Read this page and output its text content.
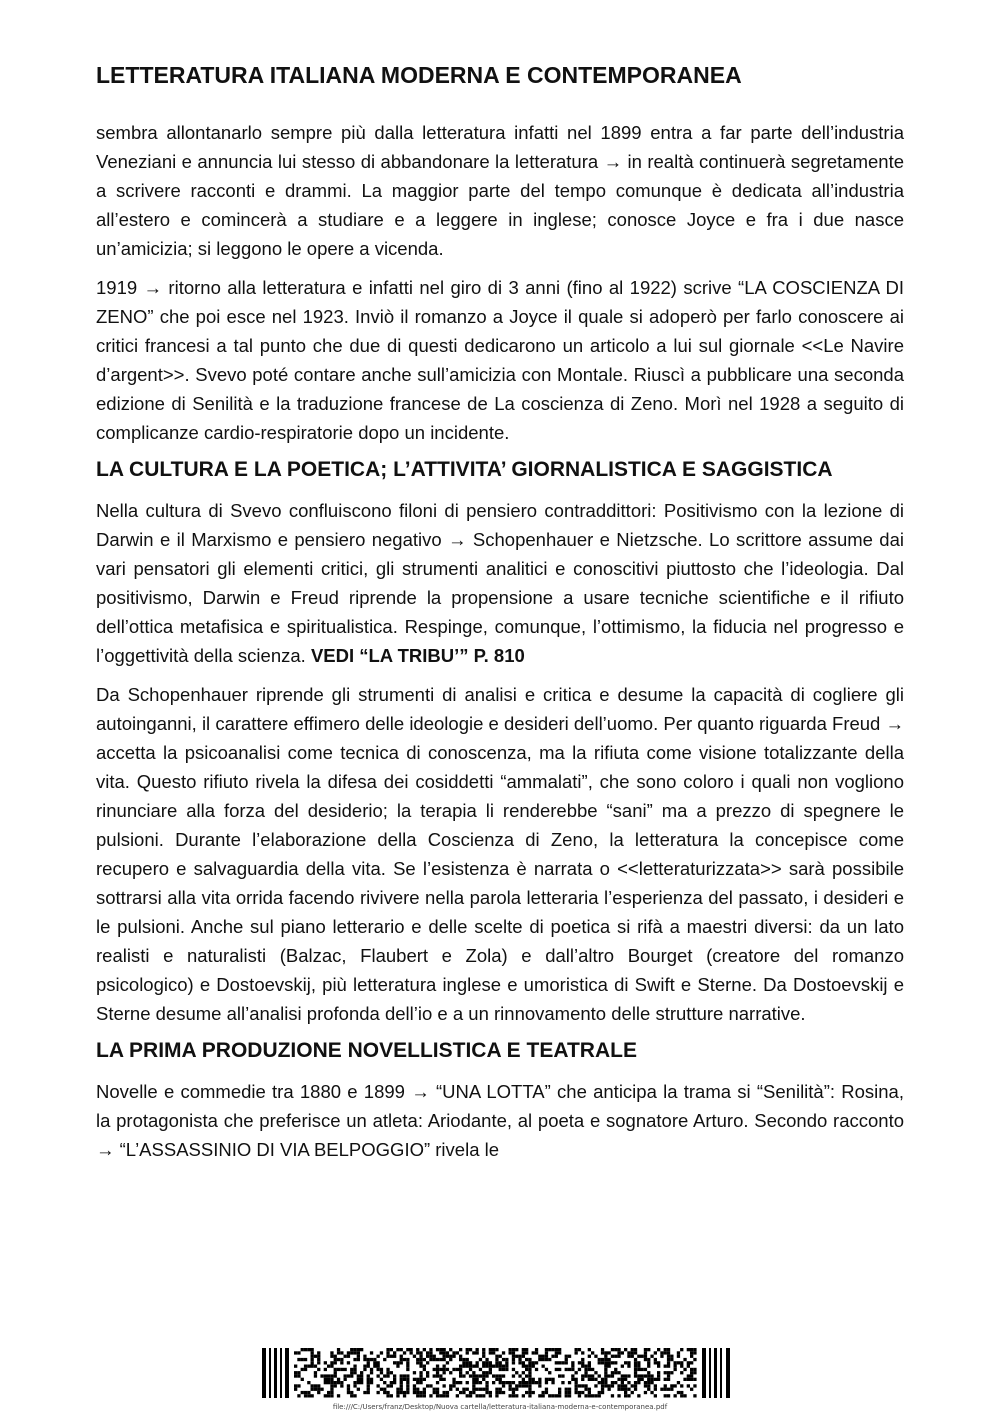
LETTERATURA ITALIANA MODERNA E CONTEMPORANEA

sembra allontanarlo sempre più dalla letteratura infatti nel 1899 entra a far parte dell’industria Veneziani e annuncia lui stesso di abbandonare la letteratura → in realtà continuerà segretamente a scrivere racconti e drammi. La maggior parte del tempo comunque è dedicata all’industria all’estero e comincerà a studiare e a leggere in inglese; conosce Joyce e fra i due nasce un’amicizia; si leggono le opere a vicenda.

1919 → ritorno alla letteratura e infatti nel giro di 3 anni (fino al 1922) scrive “LA COSCIENZA DI ZENO” che poi esce nel 1923. Inviò il romanzo a Joyce il quale si adoperò per farlo conoscere ai critici francesi a tal punto che due di questi dedicarono un articolo a lui sul giornale <<Le Navire d’argent>>. Svevo poté contare anche sull’amicizia con Montale. Riuscì a pubblicare una seconda edizione di Senilità e la traduzione francese de La coscienza di Zeno. Morì nel 1928 a seguito di complicanze cardio-respiratorie dopo un incidente.

LA CULTURA E LA POETICA; L’ATTIVITA’ GIORNALISTICA E SAGGISTICA

Nella cultura di Svevo confluiscono filoni di pensiero contraddittori: Positivismo con la lezione di Darwin e il Marxismo e pensiero negativo → Schopenhauer e Nietzsche. Lo scrittore assume dai vari pensatori gli elementi critici, gli strumenti analitici e conoscitivi piuttosto che l’ideologia. Dal positivismo, Darwin e Freud riprende la propensione a usare tecniche scientifiche e il rifiuto dell’ottica metafisica e spiritualistica. Respinge, comunque, l’ottimismo, la fiducia nel progresso e l’oggettività della scienza. VEDI “LA TRIBU’” P. 810

Da Schopenhauer riprende gli strumenti di analisi e critica e desume la capacità di cogliere gli autoinganni, il carattere effimero delle ideologie e desideri dell’uomo. Per quanto riguarda Freud → accetta la psicoanalisi come tecnica di conoscenza, ma la rifiuta come visione totalizzante della vita. Questo rifiuto rivela la difesa dei cosiddetti “ammalati”, che sono coloro i quali non vogliono rinunciare alla forza del desiderio; la terapia li renderebbe “sani” ma a prezzo di spegnere le pulsioni. Durante l’elaborazione della Coscienza di Zeno, la letteratura la concepisce come recupero e salvaguardia della vita. Se l’esistenza è narrata o <<letteraturizzata>> sarà possibile sottrarsi alla vita orrida facendo rivivere nella parola letteraria l’esperienza del passato, i desideri e le pulsioni. Anche sul piano letterario e delle scelte di poetica si rifà a maestri diversi: da un lato realisti e naturalisti (Balzac, Flaubert e Zola) e dall’altro Bourget (creatore del romanzo psicologico) e Dostoevskij, più letteratura inglese e umoristica di Swift e Sterne. Da Dostoevskij e Sterne desume all’analisi profonda dell’io e a un rinnovamento delle strutture narrative.

LA PRIMA PRODUZIONE NOVELLISTICA E TEATRALE

Novelle e commedie tra 1880 e 1899 → “UNA LOTTA” che anticipa la trama si “Senilità”: Rosina, la protagonista che preferisce un atleta: Ariodante, al poeta e sognatore Arturo. Secondo racconto → “L’ASSASSINIO DI VIA BELPOGGIO” rivela le

file:///C:/Users/franz/Desktop/Nuova cartella/letteratura-italiana-moderna-e-contemporanea.pdf
